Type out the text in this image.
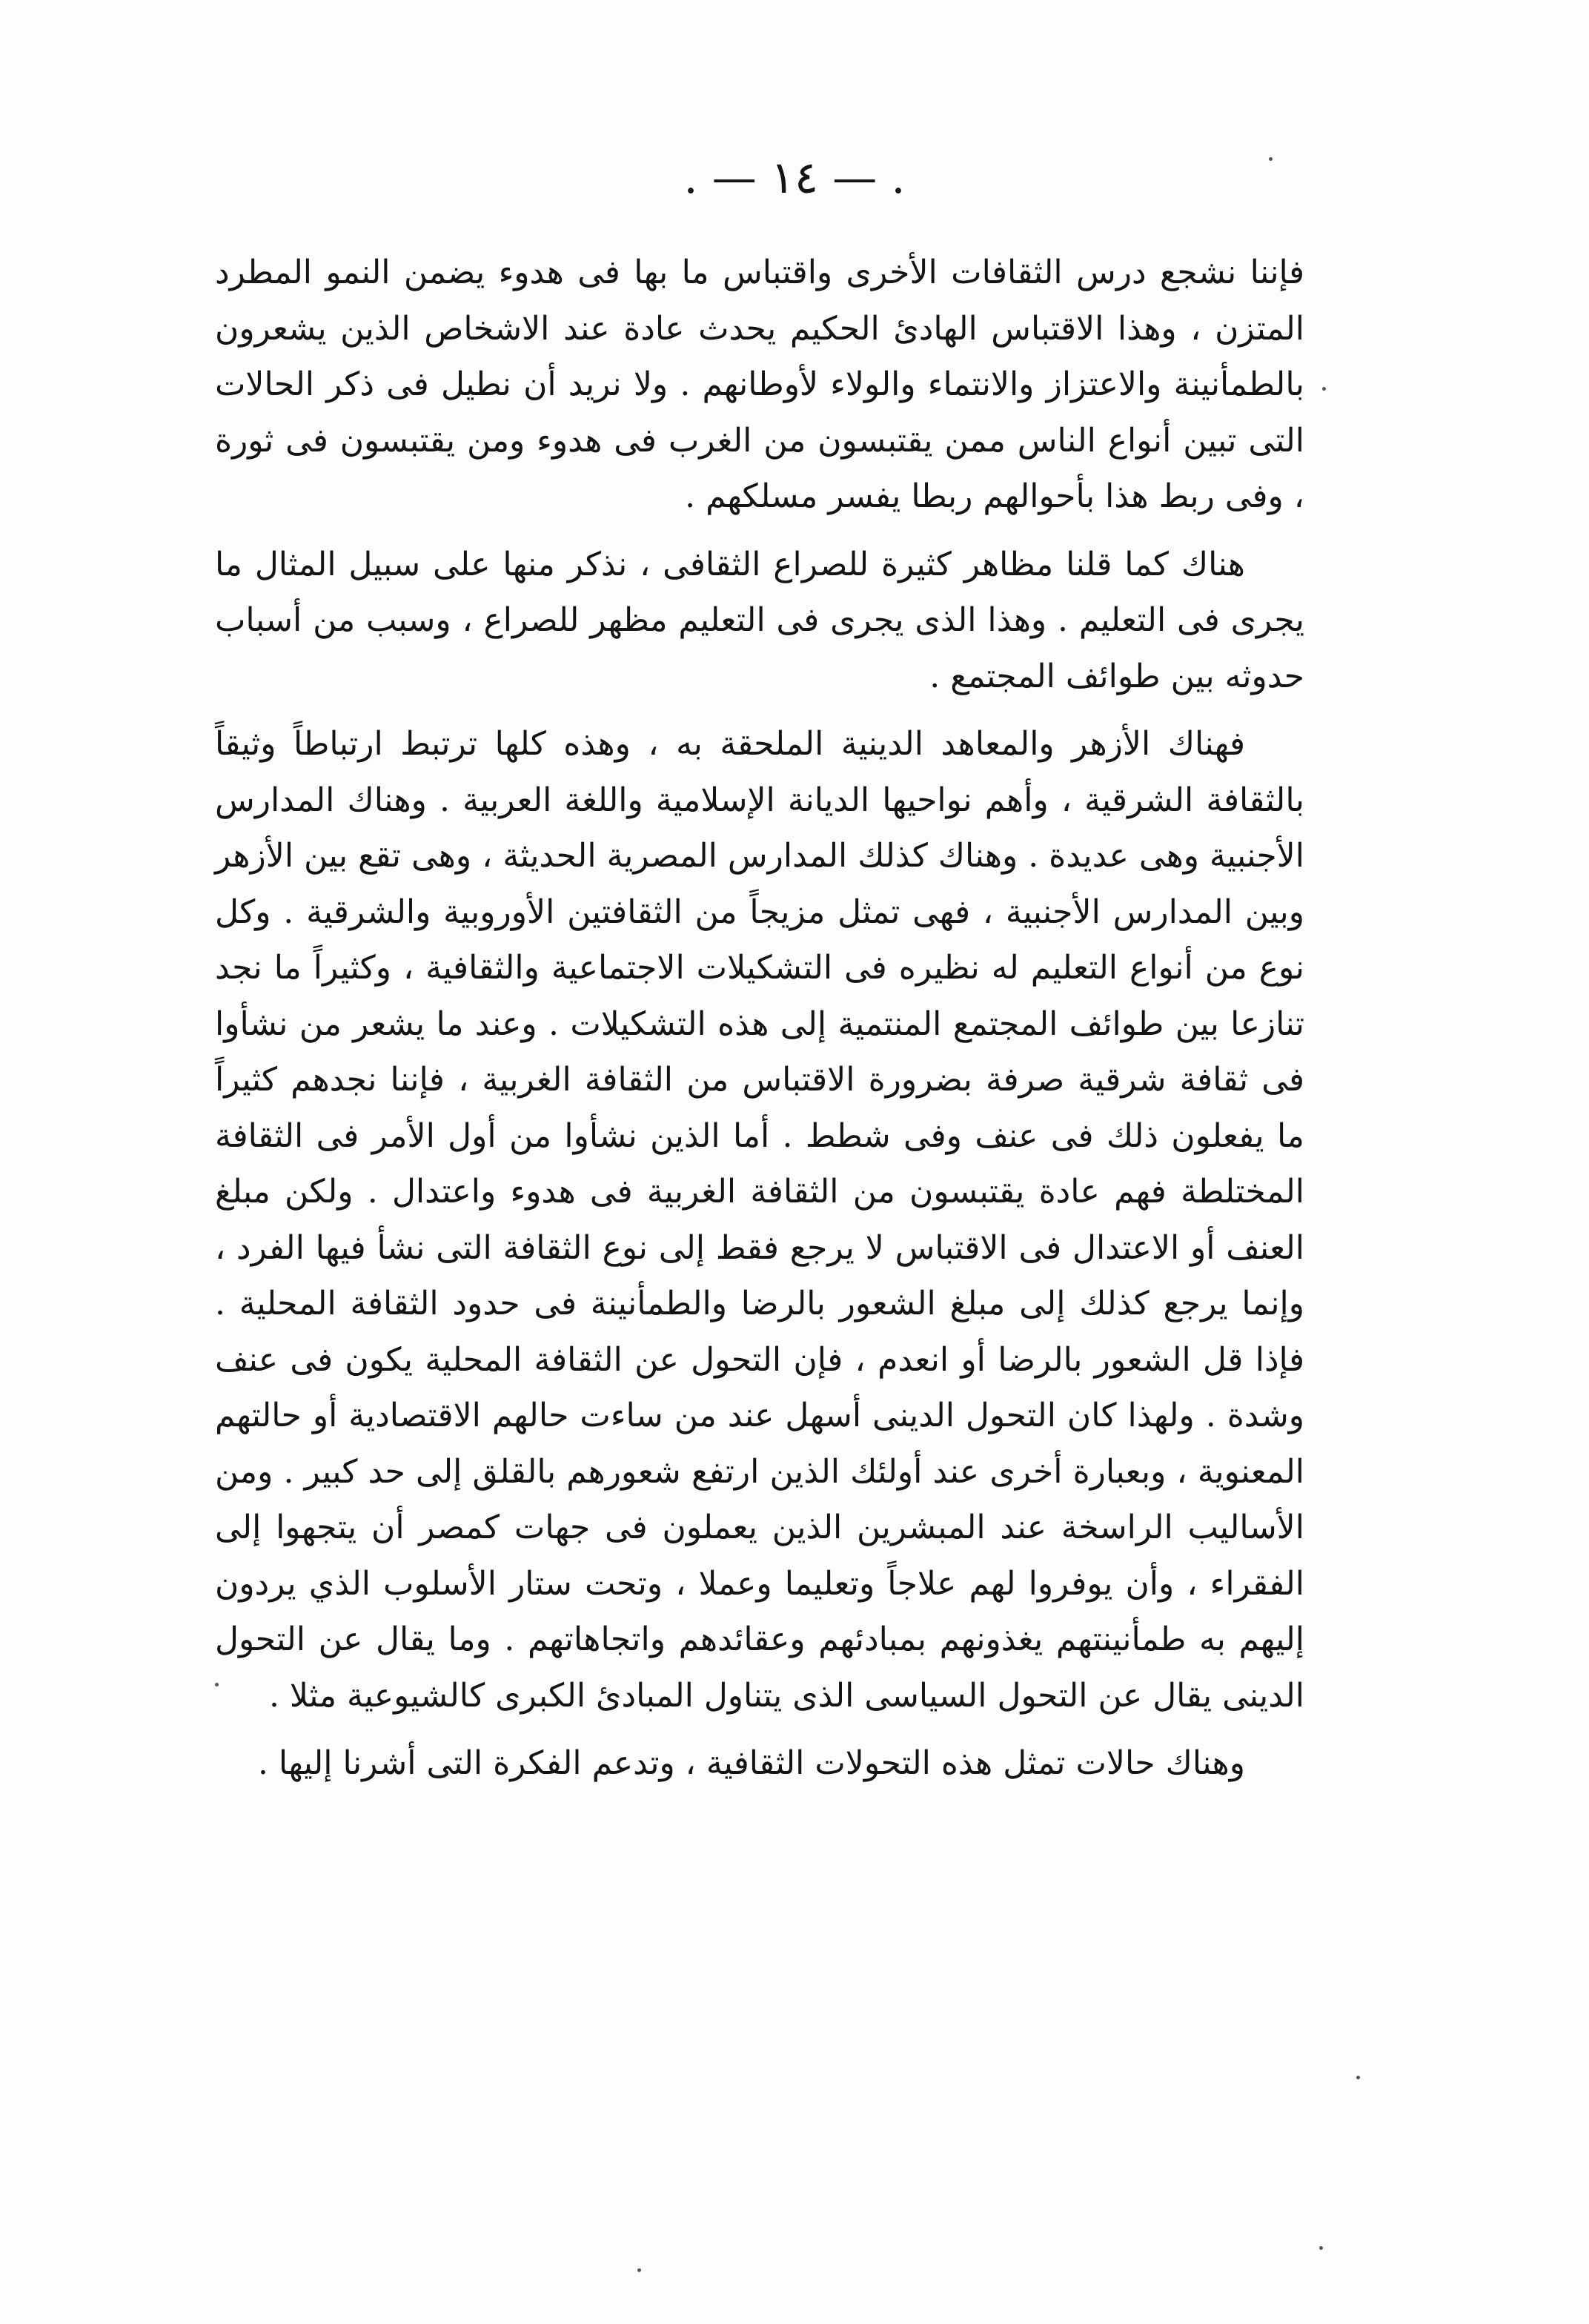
. — ١٤ — .

فإننا نشجع درس الثقافات الأخرى واقتباس ما بها فى هدوء يضمن النمو المطرد المتزن ، وهذا الاقتباس الهادئ الحكيم يحدث عادة عند الاشخاص الذين يشعرون بالطمأنينة والاعتزاز والانتماء والولاء لأوطانهم . ولا نريد أن نطيل فى ذكر الحالات التى تبين أنواع الناس ممن يقتبسون من الغرب فى هدوء ومن يقتبسون فى ثورة ، وفى ربط هذا بأحوالهم ربطا يفسر مسلكهم .

هناك كما قلنا مظاهر كثيرة للصراع الثقافى ، نذكر منها على سبيل المثال ما يجرى فى التعليم . وهذا الذى يجرى فى التعليم مظهر للصراع ، وسبب من أسباب حدوثه بين طوائف المجتمع .

فهناك الأزهر والمعاهد الدينية الملحقة به ، وهذه كلها ترتبط ارتباطاً وثيقاً بالثقافة الشرقية ، وأهم نواحيها الديانة الإسلامية واللغة العربية . وهناك المدارس الأجنبية وهى عديدة . وهناك كذلك المدارس المصرية الحديثة ، وهى تقع بين الأزهر وبين المدارس الأجنبية ، فهى تمثل مزيجاً من الثقافتين الأوروبية والشرقية . وكل نوع من أنواع التعليم له نظيره فى التشكيلات الاجتماعية والثقافية ، وكثيراً ما نجد تنازعا بين طوائف المجتمع المنتمية إلى هذه التشكيلات . وعند ما يشعر من نشأوا فى ثقافة شرقية صرفة بضرورة الاقتباس من الثقافة الغربية ، فإننا نجدهم كثيراً ما يفعلون ذلك فى عنف وفى شطط . أما الذين نشأوا من أول الأمر فى الثقافة المختلطة فهم عادة يقتبسون من الثقافة الغربية فى هدوء واعتدال . ولكن مبلغ العنف أو الاعتدال فى الاقتباس لا يرجع فقط إلى نوع الثقافة التى نشأ فيها الفرد ، وإنما يرجع كذلك إلى مبلغ الشعور بالرضا والطمأنينة فى حدود الثقافة المحلية . فإذا قل الشعور بالرضا أو انعدم ، فإن التحول عن الثقافة المحلية يكون فى عنف وشدة . ولهذا كان التحول الدينى أسهل عند من ساءت حالهم الاقتصادية أو حالتهم المعنوية ، وبعبارة أخرى عند أولئك الذين ارتفع شعورهم بالقلق إلى حد كبير . ومن الأساليب الراسخة عند المبشرين الذين يعملون فى جهات كمصر أن يتجهوا إلى الفقراء ، وأن يوفروا لهم علاجاً وتعليما وعملا ، وتحت ستار الأسلوب الذي يردون إليهم به طمأنينتهم يغذونهم بمبادئهم وعقائدهم واتجاهاتهم . وما يقال عن التحول الدينى يقال عن التحول السياسى الذى يتناول المبادئ الكبرى كالشيوعية مثلا .

وهناك حالات تمثل هذه التحولات الثقافية ، وتدعم الفكرة التى أشرنا إليها .
